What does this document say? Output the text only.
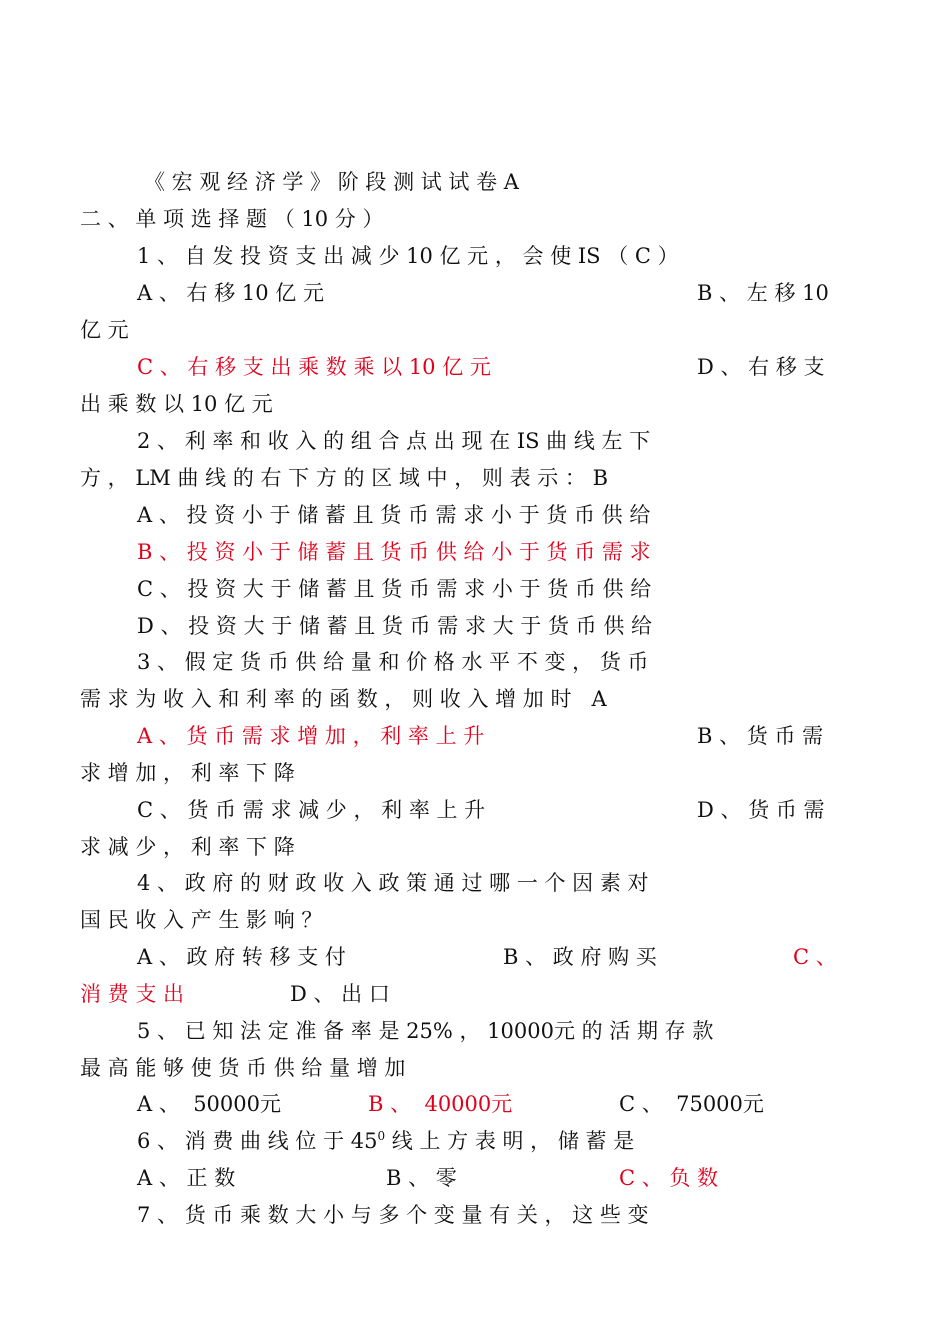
《 宏 观 经 济 学 》 阶 段 测 试 试 卷 A
二 、 单 项 选 择 题 （ 10 分 ）
1 、 自 发 投 资 支 出 减 少 10 亿 元 ， 会 使 IS （ C ）
A 、 右 移 10 亿 元	B 、 左 移 10
亿 元
C 、 右 移 支 出 乘 数 乘 以 10 亿 元	D 、 右 移 支
出 乘 数 以 10 亿 元
2 、 利 率 和 收 入 的 组 合 点 出 现 在 IS 曲 线 左 下
方 ， LM 曲 线 的 右 下 方 的 区 域 中 ， 则 表 示 ： B
A 、 投 资 小 于 储 蓄 且 货 币 需 求 小 于 货 币 供 给
B 、 投 资 小 于 储 蓄 且 货 币 供 给 小 于 货 币 需 求
C 、 投 资 大 于 储 蓄 且 货 币 需 求 小 于 货 币 供 给
D 、 投 资 大 于 储 蓄 且 货 币 需 求 大 于 货 币 供 给
3 、 假 定 货 币 供 给 量 和 价 格 水 平 不 变 ， 货 币
需 求 为 收 入 和 利 率 的 函 数 ， 则 收 入 增 加 时   A
A 、 货 币 需 求 增 加 ， 利 率 上 升	B 、 货 币 需
求 增 加 ， 利 率 下 降
C 、 货 币 需 求 减 少 ， 利 率 上 升	D 、 货 币 需
求 减 少 ， 利 率 下 降
4 、 政 府 的 财 政 收 入 政 策 通 过 哪 一 个 因 素 对
国 民 收 入 产 生 影 响 ？
A 、 政 府 转 移 支 付	B 、 政 府 购 买	C 、
消 费 支 出	D 、 出 口
5 、 已 知 法 定 准 备 率 是 25% ， 10000元 的 活 期 存 款
最 高 能 够 使 货 币 供 给 量 增 加
A 、  50000元	B 、  40000元	C 、  75000元
6 、 消 费 曲 线 位 于 $45^0$ 线 上 方 表 明 ， 储 蓄 是
A 、 正 数	B 、 零	C 、 负 数
7 、 货 币 乘 数 大 小 与 多 个 变 量 有 关 ， 这 些 变
